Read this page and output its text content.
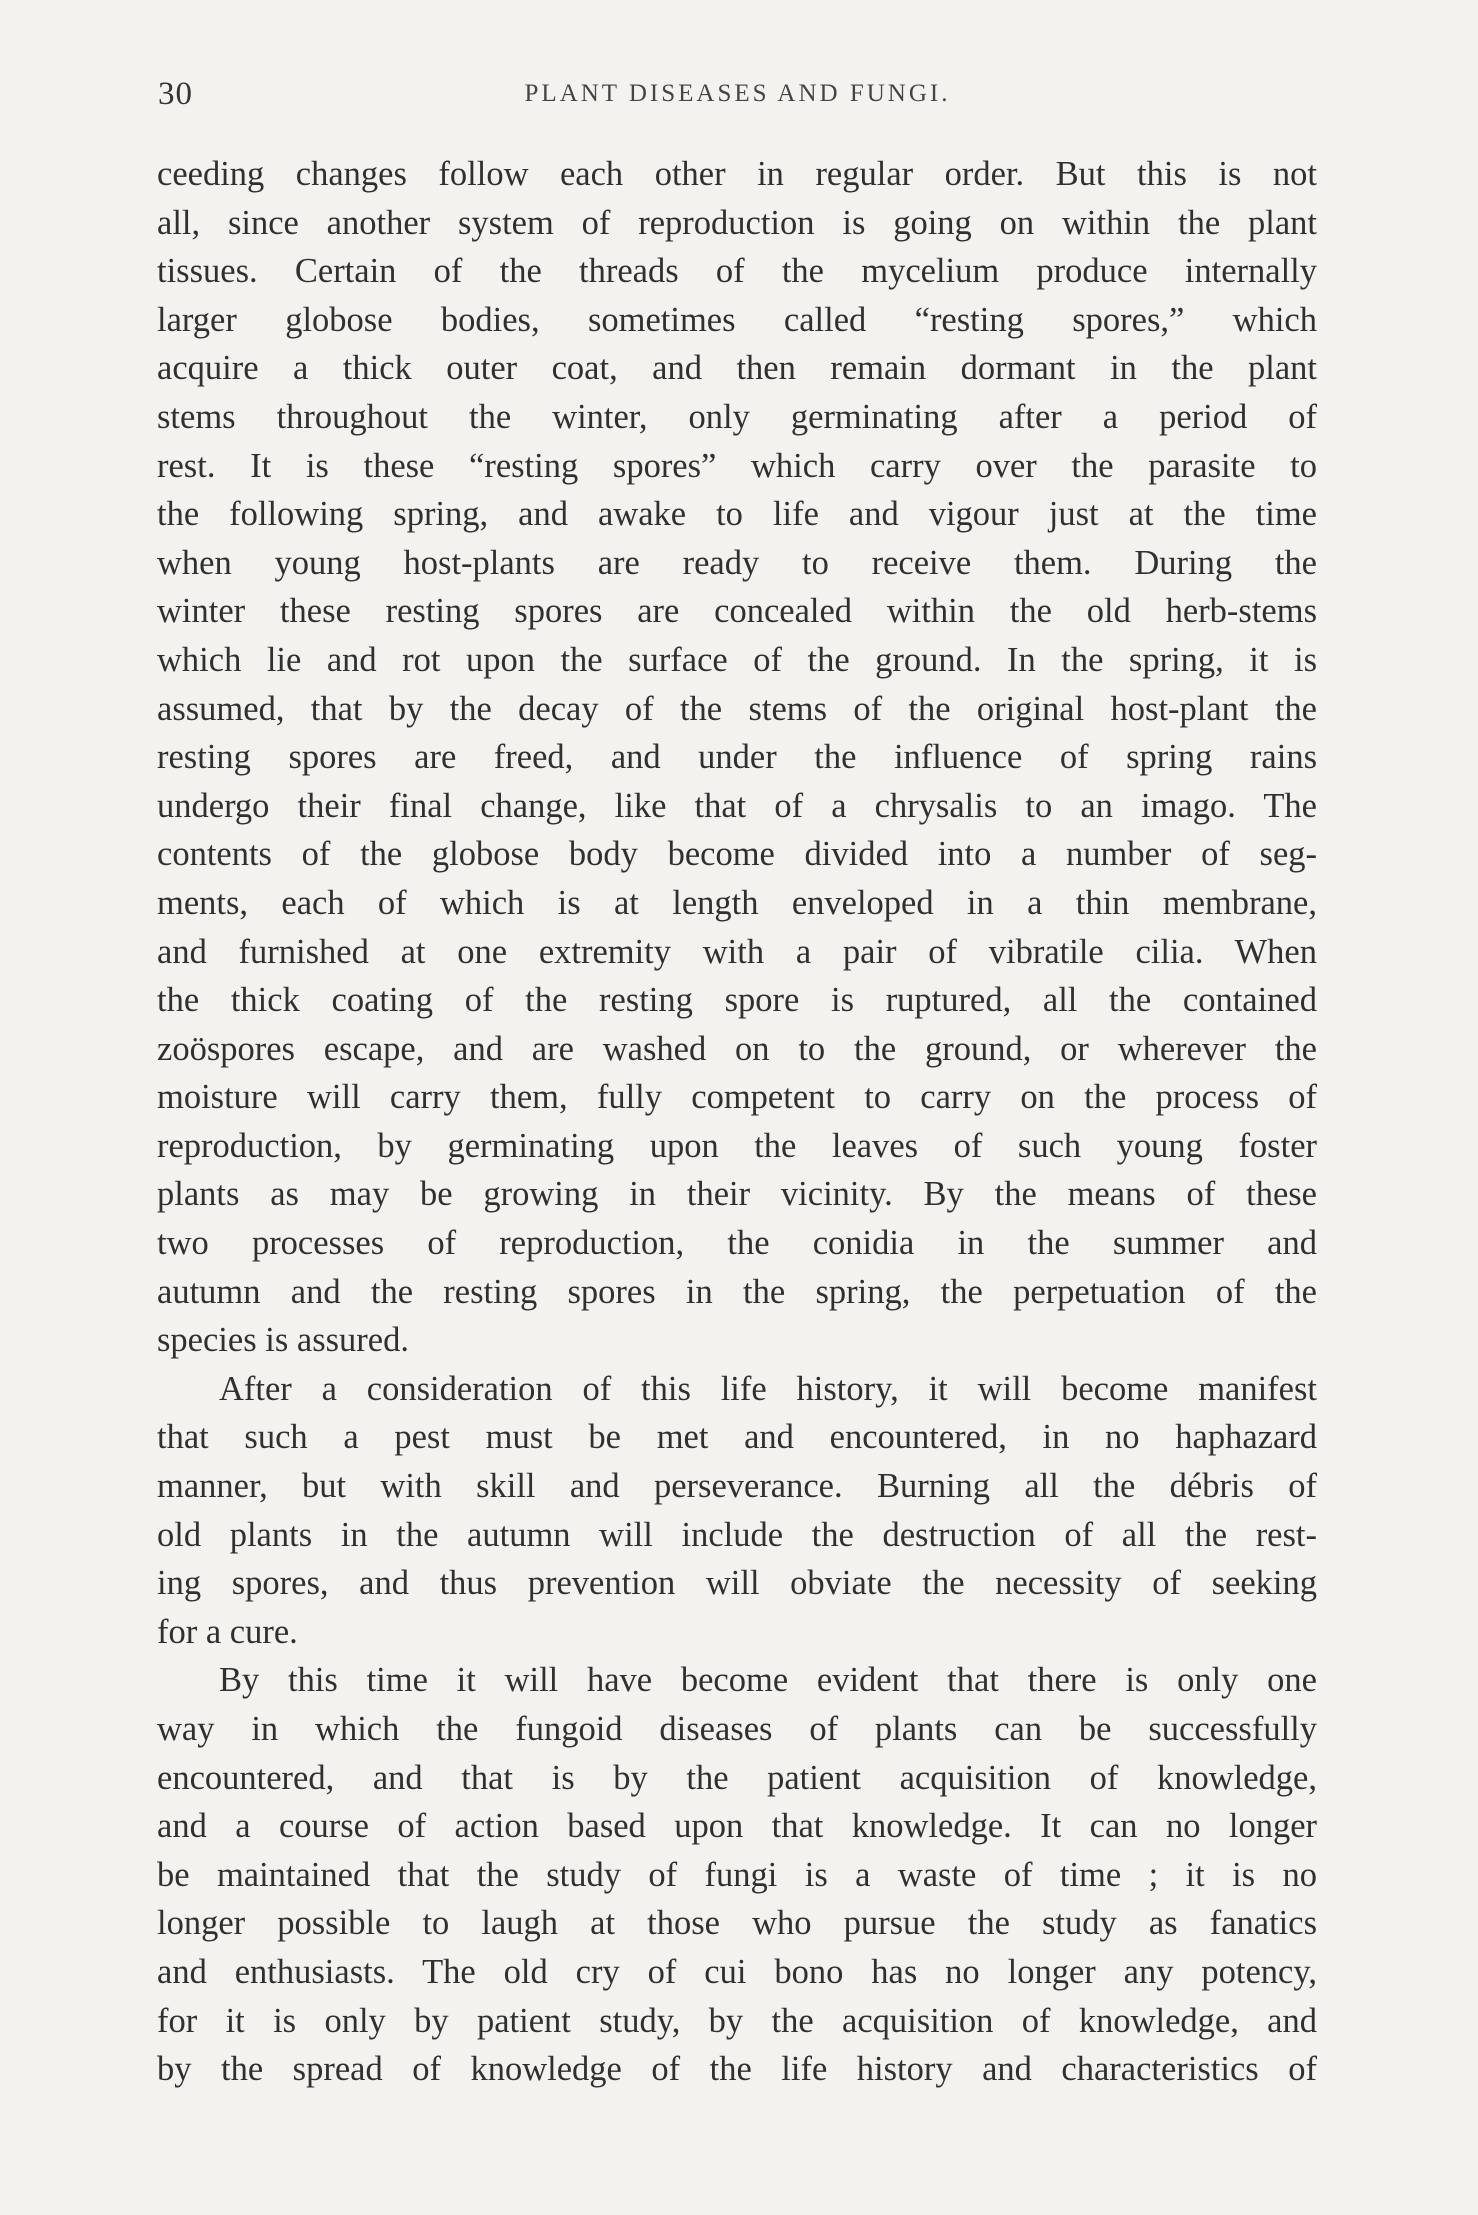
30	PLANT DISEASES AND FUNGI.
ceeding changes follow each other in regular order. But this is not
all, since another system of reproduction is going on within the plant
tissues. Certain of the threads of the mycelium produce internally
larger globose bodies, sometimes called “resting spores,” which
acquire a thick outer coat, and then remain dormant in the plant
stems throughout the winter, only germinating after a period of
rest. It is these “resting spores” which carry over the parasite to
the following spring, and awake to life and vigour just at the time
when young host-plants are ready to receive them. During the
winter these resting spores are concealed within the old herb-stems
which lie and rot upon the surface of the ground. In the spring, it is
assumed, that by the decay of the stems of the original host-plant the
resting spores are freed, and under the influence of spring rains
undergo their final change, like that of a chrysalis to an imago. The
contents of the globose body become divided into a number of seg-
ments, each of which is at length enveloped in a thin membrane,
and furnished at one extremity with a pair of vibratile cilia. When
the thick coating of the resting spore is ruptured, all the contained
zoöspores escape, and are washed on to the ground, or wherever the
moisture will carry them, fully competent to carry on the process of
reproduction, by germinating upon the leaves of such young foster
plants as may be growing in their vicinity. By the means of these
two processes of reproduction, the conidia in the summer and
autumn and the resting spores in the spring, the perpetuation of the
species is assured.
After a consideration of this life history, it will become manifest
that such a pest must be met and encountered, in no haphazard
manner, but with skill and perseverance. Burning all the débris of
old plants in the autumn will include the destruction of all the rest-
ing spores, and thus prevention will obviate the necessity of seeking
for a cure.
By this time it will have become evident that there is only one
way in which the fungoid diseases of plants can be successfully
encountered, and that is by the patient acquisition of knowledge,
and a course of action based upon that knowledge. It can no longer
be maintained that the study of fungi is a waste of time ; it is no
longer possible to laugh at those who pursue the study as fanatics
and enthusiasts. The old cry of cui bono has no longer any potency,
for it is only by patient study, by the acquisition of knowledge, and
by the spread of knowledge of the life history and characteristics of
